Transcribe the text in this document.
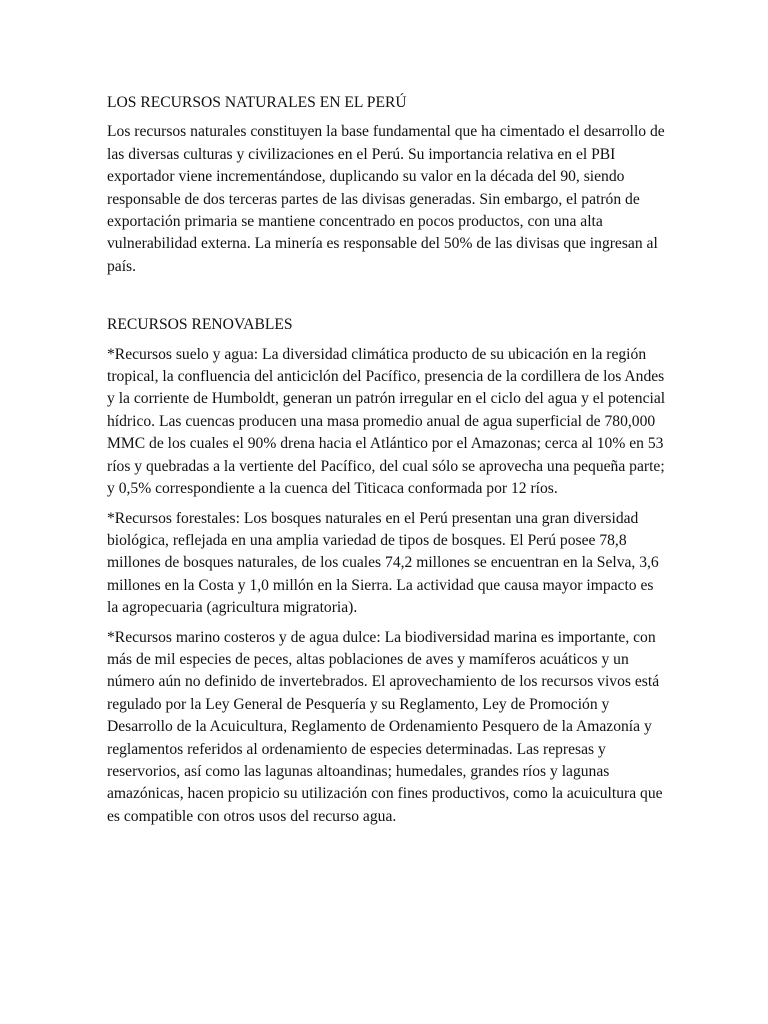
LOS RECURSOS NATURALES EN EL PERÚ

Los recursos naturales constituyen la base fundamental que ha cimentado el desarrollo de las diversas culturas y civilizaciones en el Perú. Su importancia relativa en el PBI exportador viene incrementándose, duplicando su valor en la década del 90, siendo responsable de dos terceras partes de las divisas generadas. Sin embargo, el patrón de exportación primaria se mantiene concentrado en pocos productos, con una alta vulnerabilidad externa. La minería es responsable del 50% de las divisas que ingresan al país.

RECURSOS RENOVABLES

*Recursos suelo y agua: La diversidad climática producto de su ubicación en la región tropical, la confluencia del anticiclón del Pacífico, presencia de la cordillera de los Andes y la corriente de Humboldt, generan un patrón irregular en el ciclo del agua y el potencial hídrico. Las cuencas producen una masa promedio anual de agua superficial de 780,000 MMC de los cuales el 90% drena hacia el Atlántico por el Amazonas; cerca al 10% en 53 ríos y quebradas a la vertiente del Pacífico, del cual sólo se aprovecha una pequeña parte; y 0,5% correspondiente a la cuenca del Titicaca conformada por 12 ríos.

*Recursos forestales: Los bosques naturales en el Perú presentan una gran diversidad biológica, reflejada en una amplia variedad de tipos de bosques. El Perú posee 78,8 millones de bosques naturales, de los cuales 74,2 millones se encuentran en la Selva, 3,6 millones en la Costa y 1,0 millón en la Sierra. La actividad que causa mayor impacto es la agropecuaria (agricultura migratoria).

*Recursos marino costeros y de agua dulce: La biodiversidad marina es importante, con más de mil especies de peces, altas poblaciones de aves y mamíferos acuáticos y un número aún no definido de invertebrados. El aprovechamiento de los recursos vivos está regulado por la Ley General de Pesquería y su Reglamento, Ley de Promoción y Desarrollo de la Acuicultura, Reglamento de Ordenamiento Pesquero de la Amazonía y reglamentos referidos al ordenamiento de especies determinadas. Las represas y reservorios, así como las lagunas altoandinas; humedales, grandes ríos y lagunas amazónicas, hacen propicio su utilización con fines productivos, como la acuicultura que es compatible con otros usos del recurso agua.
